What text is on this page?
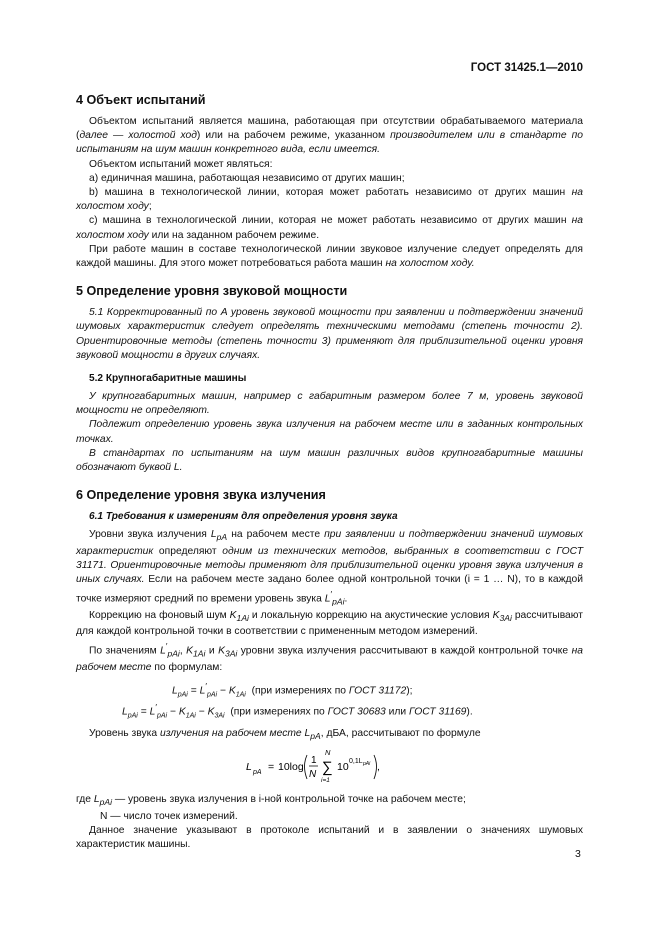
ГОСТ 31425.1—2010
4 Объект испытаний

Объектом испытаний является машина, работающая при отсутствии обрабатываемого материала (далее — холостой ход) или на рабочем режиме, указанном производителем или в стандарте по испытаниям на шум машин конкретного вида, если имеется.

Объектом испытаний может являться:

а) единичная машина, работающая независимо от других машин;

b) машина в технологической линии, которая может работать независимо от других машин на холостом ходу;

c) машина в технологической линии, которая не может работать независимо от других машин на холостом ходу или на заданном рабочем режиме.

При работе машин в составе технологической линии звуковое излучение следует определять для каждой машины. Для этого может потребоваться работа машин на холостом ходу.

5 Определение уровня звуковой мощности

5.1 Корректированный по A уровень звуковой мощности при заявлении и подтверждении значений шумовых характеристик следует определять техническими методами (степень точности 2). Ориентировочные методы (степень точности 3) применяют для приблизительной оценки уровня звуковой мощности в других случаях.

5.2 Крупногабаритные машины

У крупногабаритных машин, например с габаритным размером более 7 м, уровень звуковой мощности не определяют.

Подлежит определению уровень звука излучения на рабочем месте или в заданных контрольных точках.

В стандартах по испытаниям на шум машин различных видов крупногабаритные машины обозначают буквой L.

6 Определение уровня звука излучения

6.1 Требования к измерениям для определения уровня звука

Уровни звука излучения $L_{pA}$ на рабочем месте при заявлении и подтверждении значений шумовых характеристик определяют одним из технических методов, выбранных в соответствии с ГОСТ 31171. Ориентировочные методы применяют для приблизительной оценки уровня звука излучения в иных случаях. Если на рабочем месте задано более одной контрольной точки (i = 1 … N), то в каждой точке измеряют средний по времени уровень звука $L'_{pAi}$.

Коррекцию на фоновый шум $K_{1Ai}$ и локальную коррекцию на акустические условия $K_{3Ai}$ рассчитывают для каждой контрольной точки в соответствии с примененным методом измерений.

По значениям $L'_{pAi}$, $K_{1Ai}$ и $K_{3Ai}$ уровни звука излучения рассчитывают в каждой контрольной точке на рабочем месте по формулам:

$L_{pAi} = L'_{pAi} - K_{1Ai}$ (при измерениях по ГОСТ 31172);
$L_{pAi} = L'_{pAi} - K_{1Ai} - K_{3Ai}$ (при измерениях по ГОСТ 30683 или ГОСТ 31169).

Уровень звука излучения на рабочем месте $L_{pA}$, дБА, рассчитывают по формуле

L pA = 10log
1
N
N
∑
i=1
10 0,1L pAi ,

где $L_{pAi}$ — уровень звука излучения в i-ной контрольной точке на рабочем месте;

N — число точек измерений.

Данное значение указывают в протоколе испытаний и в заявлении о значениях шумовых характеристик машины.

3
